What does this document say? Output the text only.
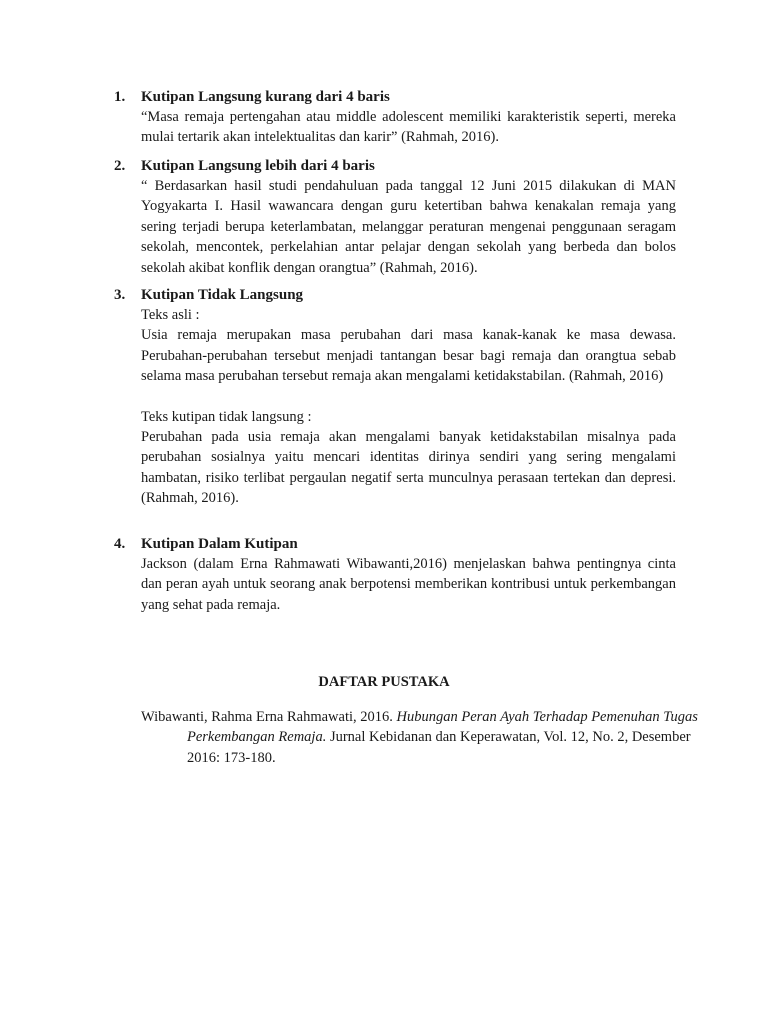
1. Kutipan Langsung kurang dari 4 baris

“Masa remaja pertengahan atau middle adolescent memiliki karakteristik seperti, mereka mulai tertarik akan intelektualitas dan karir” (Rahmah, 2016).

2. Kutipan Langsung lebih dari 4 baris

“ Berdasarkan hasil studi pendahuluan pada tanggal 12 Juni 2015 dilakukan di MAN Yogyakarta I. Hasil wawancara dengan guru ketertiban bahwa kenakalan remaja yang sering terjadi berupa keterlambatan, melanggar peraturan mengenai penggunaan seragam sekolah, mencontek, perkelahian antar pelajar dengan sekolah yang berbeda dan bolos sekolah akibat konflik dengan orangtua” (Rahmah, 2016).

3. Kutipan Tidak Langsung

Teks asli :

Usia remaja merupakan masa perubahan dari masa kanak-kanak ke masa dewasa. Perubahan-perubahan tersebut menjadi tantangan besar bagi remaja dan orangtua sebab selama masa perubahan tersebut remaja akan mengalami ketidakstabilan. (Rahmah, 2016)

Teks kutipan tidak langsung :

Perubahan pada usia remaja akan mengalami banyak ketidakstabilan misalnya pada perubahan sosialnya yaitu mencari identitas dirinya sendiri yang sering mengalami hambatan, risiko terlibat pergaulan negatif serta munculnya perasaan tertekan dan depresi. (Rahmah, 2016).

4. Kutipan Dalam Kutipan

Jackson (dalam Erna Rahmawati Wibawanti,2016) menjelaskan bahwa pentingnya cinta dan peran ayah untuk seorang anak berpotensi memberikan kontribusi untuk perkembangan yang sehat pada remaja.

DAFTAR PUSTAKA
Wibawanti, Rahma Erna Rahmawati, 2016. Hubungan Peran Ayah Terhadap Pemenuhan Tugas Perkembangan Remaja. Jurnal Kebidanan dan Keperawatan, Vol. 12, No. 2, Desember 2016: 173-180.
